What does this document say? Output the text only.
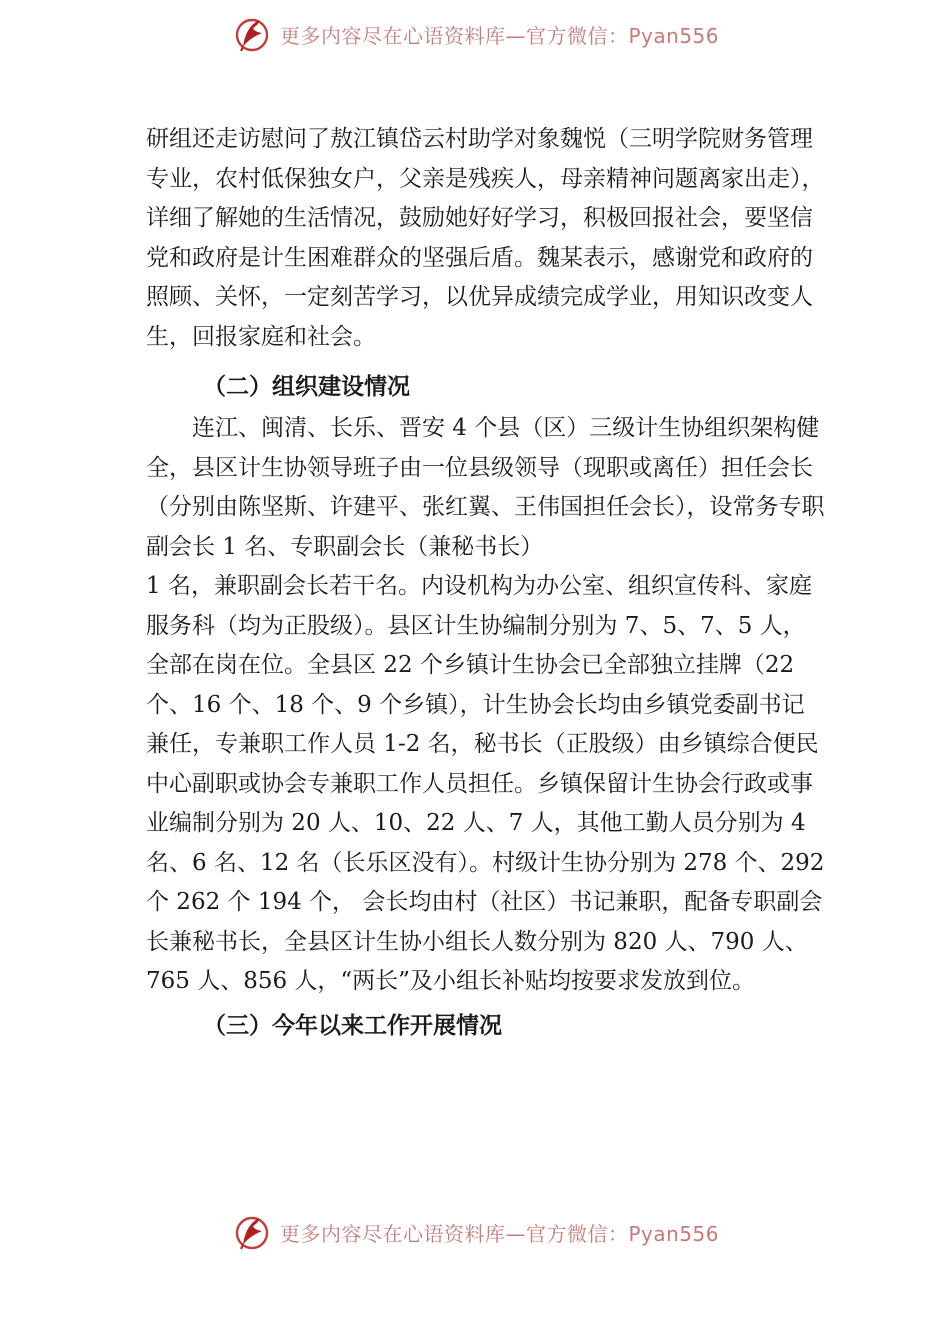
更多内容尽在心语资料库—官方微信：Pyan556

研组还走访慰问了敖江镇岱云村助学对象魏悦（三明学院财务管理专业，农村低保独女户，父亲是残疾人，母亲精神问题离家出走），详细了解她的生活情况，鼓励她好好学习，积极回报社会，要坚信党和政府是计生困难群众的坚强后盾。魏某表示，感谢党和政府的照顾、关怀，一定刻苦学习，以优异成绩完成学业，用知识改变人生，回报家庭和社会。

（二）组织建设情况

连江、闽清、长乐、晋安 4 个县（区）三级计生协组织架构健全，县区计生协领导班子由一位县级领导（现职或离任）担任会长（分别由陈坚斯、许建平、张红翼、王伟国担任会长），设常务专职副会长 1 名、专职副会长（兼秘书长）

1 名，兼职副会长若干名。内设机构为办公室、组织宣传科、家庭服务科（均为正股级）。县区计生协编制分别为 7、5、7、5 人，全部在岗在位。全县区 22 个乡镇计生协会已全部独立挂牌（22 个、16 个、18 个、9 个乡镇），计生协会长均由乡镇党委副书记兼任，专兼职工作人员 1-2 名，秘书长（正股级）由乡镇综合便民中心副职或协会专兼职工作人员担任。乡镇保留计生协会行政或事业编制分别为 20 人、10、22 人、7 人，其他工勤人员分别为 4 名、6 名、12 名（长乐区没有）。村级计生协分别为 278 个、292 个 262 个 194 个， 会长均由村（社区）书记兼职，配备专职副会长兼秘书长，全县区计生协小组长人数分别为 820 人、790 人、765 人、856 人，“两长”及小组长补贴均按要求发放到位。

（三）今年以来工作开展情况

更多内容尽在心语资料库—官方微信：Pyan556
